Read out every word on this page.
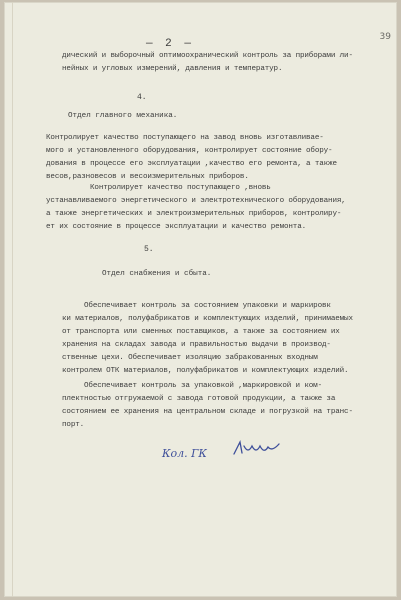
39
— 2 —
дический и выборочный оптимоохранический контроль за приборами ли-
нейных и угловых измерений, давления и температур.
4.
Отдел главного механика.
Контролирует качество поступающего на завод вновь изготавливае-
мого и установленного оборудования, контролирует состояние обору-
дования в процессе его эксплуатации ,качество его ремонта, а также
весов,разновесов и весоизмерительных приборов.
Контролирует качество поступающего ,вновь
устанавливаемого энергетического и электротехнического оборудования,
а также энергетических и электроизмерительных приборов, контролиру-
ет их состояние в процессе эксплуатации и качество ремонта.
5.
Отдел снабжения и сбыта.
Обеспечивает контроль за состоянием упаковки и маркировк
ки материалов, полуфабрикатов и комплектующих изделий, принимаемых
от транспорта или сменных поставщиков, а также за состоянием их
хранения на складах завода и правильностью выдачи в производ-
ственные цехи. Обеспечивает изоляцию забракованных входным
контролем ОТК материалов, полуфабрикатов и комплектующих изделий.
Обеспечивает контроль за упаковкой ,маркировкой и ком-
плектностью отгружаемой с завода готовой продукции, а также за
состоянием ее хранения на центральном складе и погрузкой на транс-
порт.
Кол. ГК
